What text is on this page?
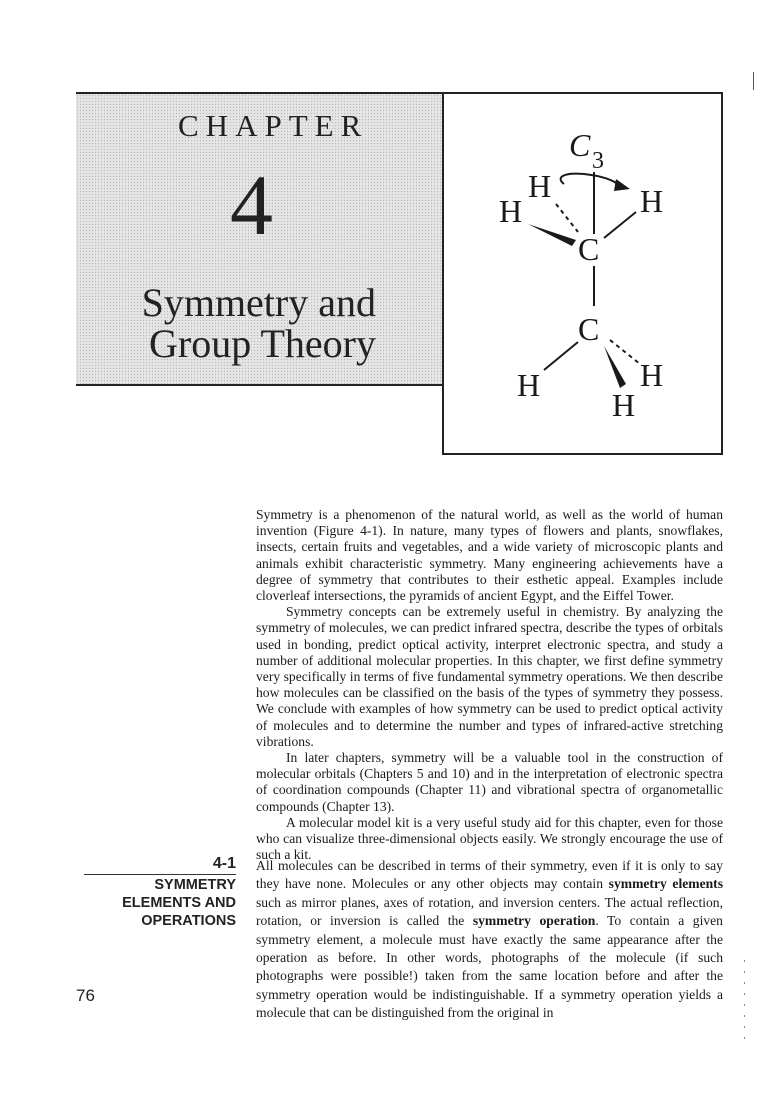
CHAPTER
4
Symmetry and
Group Theory
C 3
H
H	H
C
C
H	H
H

Symmetry is a phenomenon of the natural world, as well as the world of human invention (Figure 4-1). In nature, many types of flowers and plants, snowflakes, insects, certain fruits and vegetables, and a wide variety of microscopic plants and animals exhibit characteristic symmetry. Many engineering achievements have a degree of symmetry that contributes to their esthetic appeal. Examples include cloverleaf intersections, the pyramids of ancient Egypt, and the Eiffel Tower.

Symmetry concepts can be extremely useful in chemistry. By analyzing the symmetry of molecules, we can predict infrared spectra, describe the types of orbitals used in bonding, predict optical activity, interpret electronic spectra, and study a number of additional molecular properties. In this chapter, we first define symmetry very specifically in terms of five fundamental symmetry operations. We then describe how molecules can be classified on the basis of the types of symmetry they possess. We conclude with examples of how symmetry can be used to predict optical activity of molecules and to determine the number and types of infrared-active stretching vibrations.

In later chapters, symmetry will be a valuable tool in the construction of molecular orbitals (Chapters 5 and 10) and in the interpretation of electronic spectra of coordination compounds (Chapter 11) and vibrational spectra of organometallic compounds (Chapter 13).

A molecular model kit is a very useful study aid for this chapter, even for those who can visualize three-dimensional objects easily. We strongly encourage the use of such a kit.

4-1
SYMMETRY
ELEMENTS AND
OPERATIONS

All molecules can be described in terms of their symmetry, even if it is only to say they have none. Molecules or any other objects may contain symmetry elements such as mirror planes, axes of rotation, and inversion centers. The actual reflection, rotation, or inversion is called the symmetry operation. To contain a given symmetry element, a molecule must have exactly the same appearance after the operation as before. In other words, photographs of the molecule (if such photographs were possible!) taken from the same location before and after the symmetry operation would be indistinguishable. If a symmetry operation yields a molecule that can be distinguished from the original in

76
